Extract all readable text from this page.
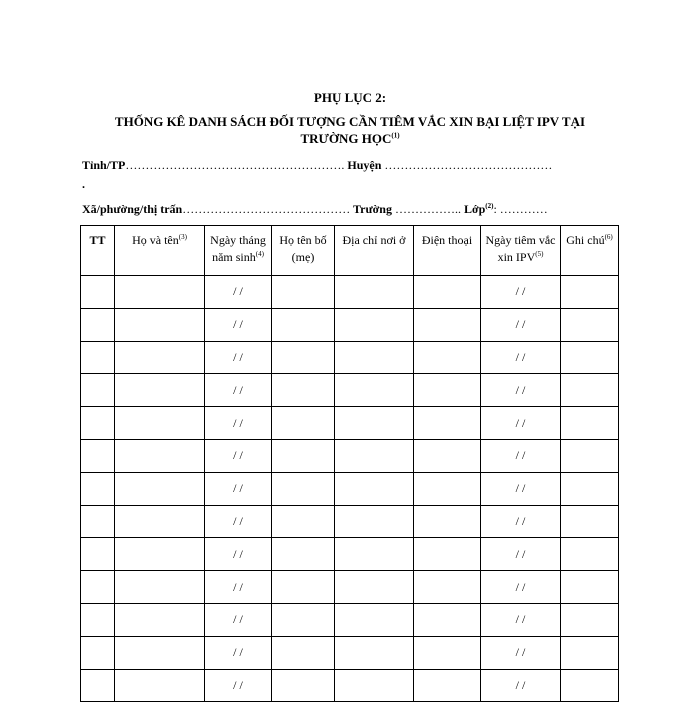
PHỤ LỤC 2:
THỐNG KÊ DANH SÁCH ĐỐI TƯỢNG CẦN TIÊM VẮC XIN BẠI LIỆT IPV TẠI
TRƯỜNG HỌC$^{(1)}$
Tỉnh/TP………………………………………………. Huyện ……………………………………
.
Xã/phường/thị trấn…………………………………… Trường …………….. Lớp$^{(2)}$: …………
TT	Họ và tên$^{(3)}$	Ngày tháng năm $\sinh^{(4)}$	Họ tên bố (mẹ)	Địa chỉ nơi ở	Điện thoại	Ngày tiêm vắc xin IPV$^{(5)}$	Ghi chú$^{(6)}$
		/ /				/ /	
		/ /				/ /	
		/ /				/ /	
		/ /				/ /	
		/ /				/ /	
		/ /				/ /	
		/ /				/ /	
		/ /				/ /	
		/ /				/ /	
		/ /				/ /	
		/ /				/ /	
		/ /				/ /	
		/ /				/ /	
